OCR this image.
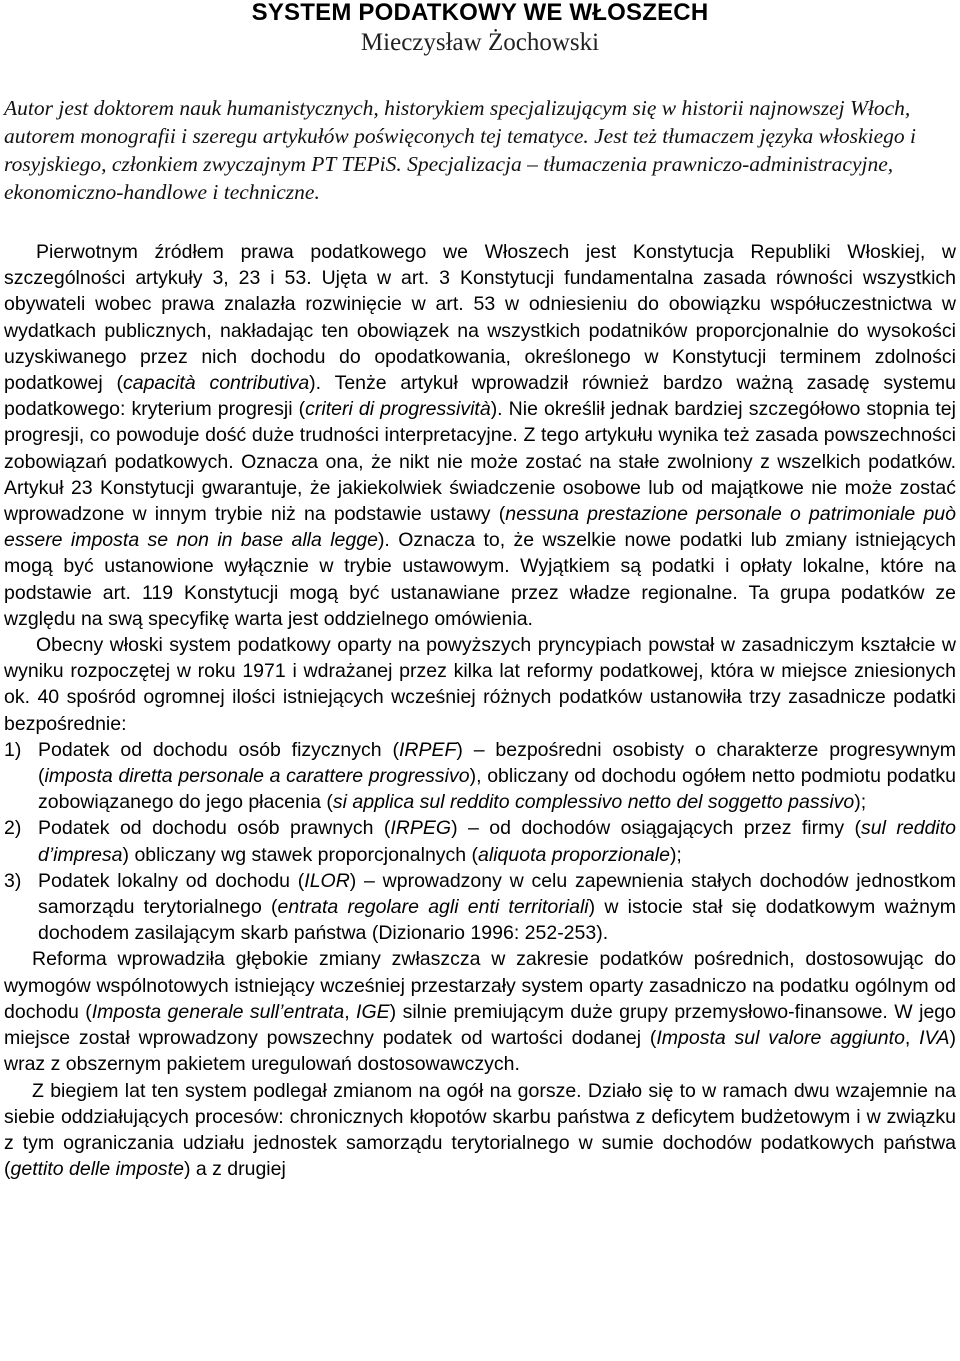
SYSTEM PODATKOWY WE WŁOSZECH
Mieczysław Żochowski

Autor jest doktorem nauk humanistycznych, historykiem specjalizującym się w historii najnowszej Włoch, autorem monografii i szeregu artykułów poświęconych tej tematyce. Jest też tłumaczem języka włoskiego i rosyjskiego, członkiem zwyczajnym PT TEPiS. Specjalizacja – tłumaczenia prawniczo-administracyjne, ekonomiczno-handlowe i techniczne.

Pierwotnym źródłem prawa podatkowego we Włoszech jest Konstytucja Republiki Włoskiej, w szczególności artykuły 3, 23 i 53. Ujęta w art. 3 Konstytucji fundamentalna zasada równości wszystkich obywateli wobec prawa znalazła rozwinięcie w art. 53 w odniesieniu do obowiązku współuczestnictwa w wydatkach publicznych, nakładając ten obowiązek na wszystkich podatników proporcjonalnie do wysokości uzyskiwanego przez nich dochodu do opodatkowania, określonego w Konstytucji terminem zdolności podatkowej (capacità contributiva). Tenże artykuł wprowadził również bardzo ważną zasadę systemu podatkowego: kryterium progresji (criteri di progressività). Nie określił jednak bardziej szczegółowo stopnia tej progresji, co powoduje dość duże trudności interpretacyjne. Z tego artykułu wynika też zasada powszechności zobowiązań podatkowych. Oznacza ona, że nikt nie może zostać na stałe zwolniony z wszelkich podatków. Artykuł 23 Konstytucji gwarantuje, że jakiekolwiek świadczenie osobowe lub od majątkowe nie może zostać wprowadzone w innym trybie niż na podstawie ustawy (nessuna prestazione personale o patrimoniale può essere imposta se non in base alla legge). Oznacza to, że wszelkie nowe podatki lub zmiany istniejących mogą być ustanowione wyłącznie w trybie ustawowym. Wyjątkiem są podatki i opłaty lokalne, które na podstawie art. 119 Konstytucji mogą być ustanawiane przez władze regionalne. Ta grupa podatków ze względu na swą specyfikę warta jest oddzielnego omówienia.

Obecny włoski system podatkowy oparty na powyższych pryncypiach powstał w zasadniczym kształcie w wyniku rozpoczętej w roku 1971 i wdrażanej przez kilka lat reformy podatkowej, która w miejsce zniesionych ok. 40 spośród ogromnej ilości istniejących wcześniej różnych podatków ustanowiła trzy zasadnicze podatki bezpośrednie:

1) Podatek od dochodu osób fizycznych (IRPEF) – bezpośredni osobisty o charakterze progresywnym (imposta diretta personale a carattere progressivo), obliczany od dochodu ogółem netto podmiotu podatku zobowiązanego do jego płacenia (si applica sul reddito complessivo netto del soggetto passivo);
2) Podatek od dochodu osób prawnych (IRPEG) – od dochodów osiągających przez firmy (sul reddito d’impresa) obliczany wg stawek proporcjonalnych (aliquota proporzionale);
3) Podatek lokalny od dochodu (ILOR) – wprowadzony w celu zapewnienia stałych dochodów jednostkom samorządu terytorialnego (entrata regolare agli enti territoriali) w istocie stał się dodatkowym ważnym dochodem zasilającym skarb państwa (Dizionario 1996: 252-253).

Reforma wprowadziła głębokie zmiany zwłaszcza w zakresie podatków pośrednich, dostosowując do wymogów wspólnotowych istniejący wcześniej przestarzały system oparty zasadniczo na podatku ogólnym od dochodu (Imposta generale sull’entrata, IGE) silnie premiującym duże grupy przemysłowo-finansowe. W jego miejsce został wprowadzony powszechny podatek od wartości dodanej (Imposta sul valore aggiunto, IVA) wraz z obszernym pakietem uregulowań dostosowawczych.

Z biegiem lat ten system podlegał zmianom na ogół na gorsze. Działo się to w ramach dwu wzajemnie na siebie oddziałujących procesów: chronicznych kłopotów skarbu państwa z deficytem budżetowym i w związku z tym ograniczania udziału jednostek samorządu terytorialnego w sumie dochodów podatkowych państwa (gettito delle imposte) a z drugiej
